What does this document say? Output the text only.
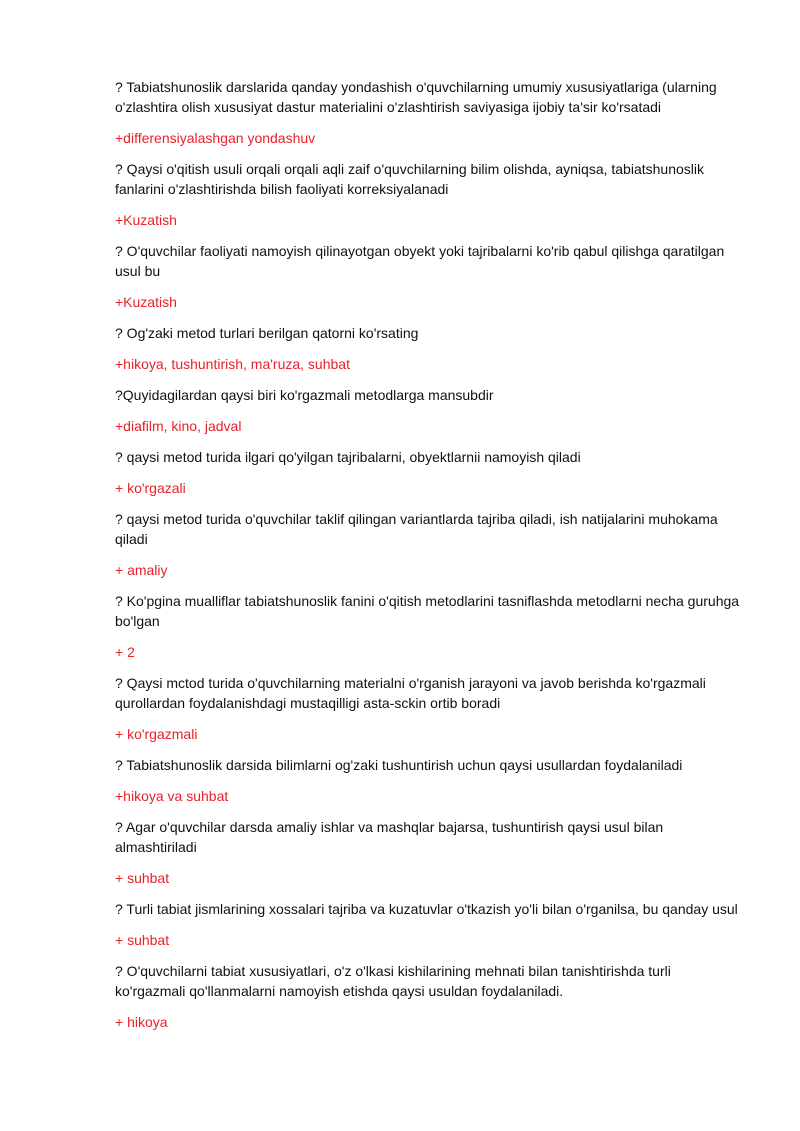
? Tabiatshunoslik darslarida qanday yondashish o'quvchilarning umumiy xususiyatlariga (ularning o'zlashtira olish xususiyat dastur materialini o'zlashtirish saviyasiga ijobiy ta'sir ko'rsatadi

+differensiyalashgan yondashuv

? Qaysi o'qitish usuli orqali orqali aqli zaif o'quvchilarning bilim olishda, ayniqsa, tabiatshunoslik fanlarini o'zlashtirishda bilish faoliyati korreksiyalanadi

+Kuzatish

? O'quvchilar faoliyati namoyish qilinayotgan obyekt yoki tajribalarni ko'rib qabul qilishga qaratilgan usul bu

+Kuzatish

? Og'zaki metod turlari berilgan qatorni ko'rsating

+hikoya, tushuntirish, ma'ruza, suhbat

?Quyidagilardan qaysi biri ko'rgazmali metodlarga mansubdir

+diafilm, kino, jadval

? qaysi metod turida ilgari qo'yilgan tajribalarni, obyektlarnii namoyish qiladi

+ ko'rgazali

? qaysi metod turida o'quvchilar taklif qilingan variantlarda tajriba qiladi, ish natijalarini muhokama qiladi

+ amaliy

? Ko'pgina mualliflar tabiatshunoslik fanini o'qitish metodlarini tasniflashda metodlarni necha guruhga bo'lgan

+ 2

? Qaysi mctod turida o'quvchilarning materialni o'rganish jarayoni va javob berishda ko'rgazmali qurollardan foydalanishdagi mustaqilligi asta-sckin ortib boradi

+ ko'rgazmali

? Tabiatshunoslik darsida bilimlarni og'zaki tushuntirish uchun qaysi usullardan foydalaniladi

+hikoya va suhbat

? Agar o'quvchilar darsda amaliy ishlar va mashqlar bajarsa, tushuntirish qaysi usul bilan almashtiriladi

+ suhbat

? Turli tabiat jismlarining xossalari tajriba va kuzatuvlar o'tkazish yo'li bilan o'rganilsa, bu qanday usul

+ suhbat

? O'quvchilarni tabiat xususiyatlari, o'z o'lkasi kishilarining mehnati bilan tanishtirishda turli ko'rgazmali qo'llanmalarni namoyish etishda qaysi usuldan foydalaniladi.

+ hikoya
